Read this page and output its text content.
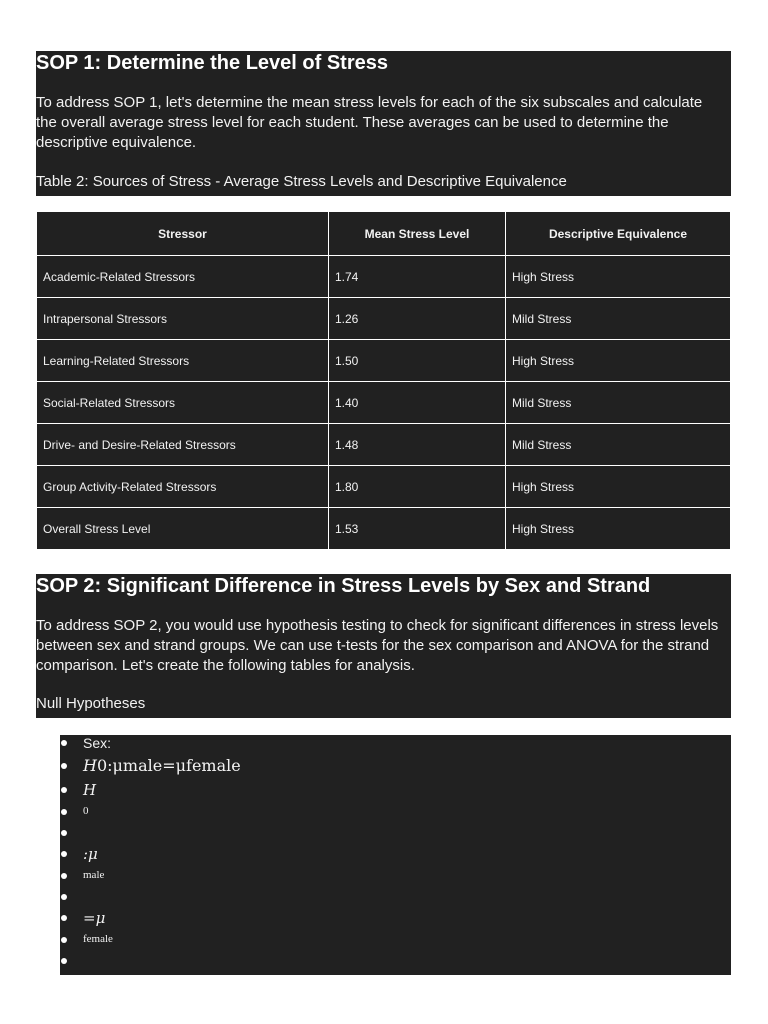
SOP 1: Determine the Level of Stress

To address SOP 1, let's determine the mean stress levels for each of the six subscales and calculate the overall average stress level for each student. These averages can be used to determine the descriptive equivalence.

Table 2: Sources of Stress - Average Stress Levels and Descriptive Equivalence
Stressor	Mean Stress Level	Descriptive Equivalence
Academic-Related Stressors	1.74	High Stress
Intrapersonal Stressors	1.26	Mild Stress
Learning-Related Stressors	1.50	High Stress
Social-Related Stressors	1.40	Mild Stress
Drive- and Desire-Related Stressors	1.48	Mild Stress
Group Activity-Related Stressors	1.80	High Stress
Overall Stress Level	1.53	High Stress
SOP 2: Significant Difference in Stress Levels by Sex and Strand

To address SOP 2, you would use hypothesis testing to check for significant differences in stress levels between sex and strand groups. We can use t-tests for the sex comparison and ANOVA for the strand comparison. Let's create the following tables for analysis.

Null Hypotheses
Sex:
H0:μmale=μfemale
H
0
:μ
male
=μ
female
